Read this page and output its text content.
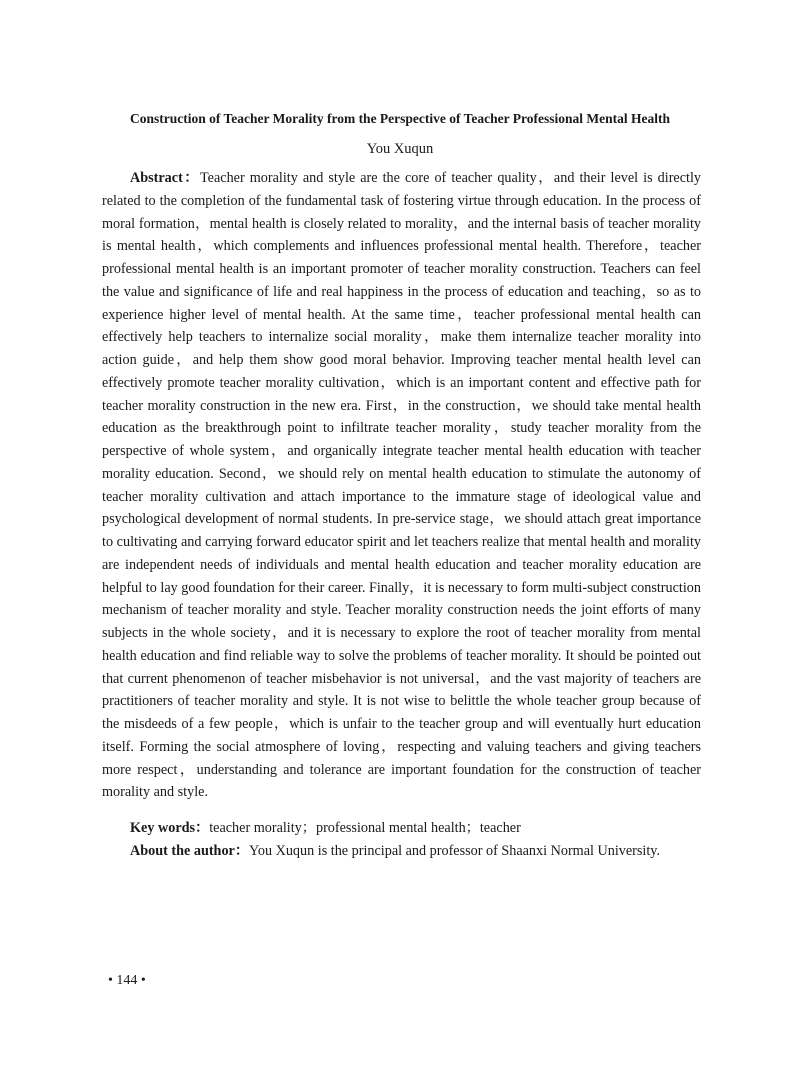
Construction of Teacher Morality from the Perspective of Teacher Professional Mental Health
You Xuqun

Abstract：Teacher morality and style are the core of teacher quality，and their level is directly related to the completion of the fundamental task of fostering virtue through education. In the process of moral formation，mental health is closely related to morality，and the internal basis of teacher morality is mental health，which complements and influences professional mental health. Therefore，teacher professional mental health is an important promoter of teacher morality construction. Teachers can feel the value and significance of life and real happiness in the process of education and teaching，so as to experience higher level of mental health. At the same time，teacher professional mental health can effectively help teachers to internalize social morality，make them internalize teacher morality into action guide，and help them show good moral behavior. Improving teacher mental health level can effectively promote teacher morality cultivation，which is an important content and effective path for teacher morality construction in the new era. First，in the construction，we should take mental health education as the breakthrough point to infiltrate teacher morality，study teacher morality from the perspective of whole system，and organically integrate teacher mental health education with teacher morality education. Second，we should rely on mental health education to stimulate the autonomy of teacher morality cultivation and attach importance to the immature stage of ideological value and psychological development of normal students. In pre-service stage，we should attach great importance to cultivating and carrying forward educator spirit and let teachers realize that mental health and morality are independent needs of individuals and mental health education and teacher morality education are helpful to lay good foundation for their career. Finally，it is necessary to form multi-subject construction mechanism of teacher morality and style. Teacher morality construction needs the joint efforts of many subjects in the whole society，and it is necessary to explore the root of teacher morality from mental health education and find reliable way to solve the problems of teacher morality. It should be pointed out that current phenomenon of teacher misbehavior is not universal，and the vast majority of teachers are practitioners of teacher morality and style. It is not wise to belittle the whole teacher group because of the misdeeds of a few people，which is unfair to the teacher group and will eventually hurt education itself. Forming the social atmosphere of loving，respecting and valuing teachers and giving teachers more respect，understanding and tolerance are important foundation for the construction of teacher morality and style.

Key words：teacher morality；professional mental health；teacher

About the author：You Xuqun is the principal and professor of Shaanxi Normal University.

• 144 •
